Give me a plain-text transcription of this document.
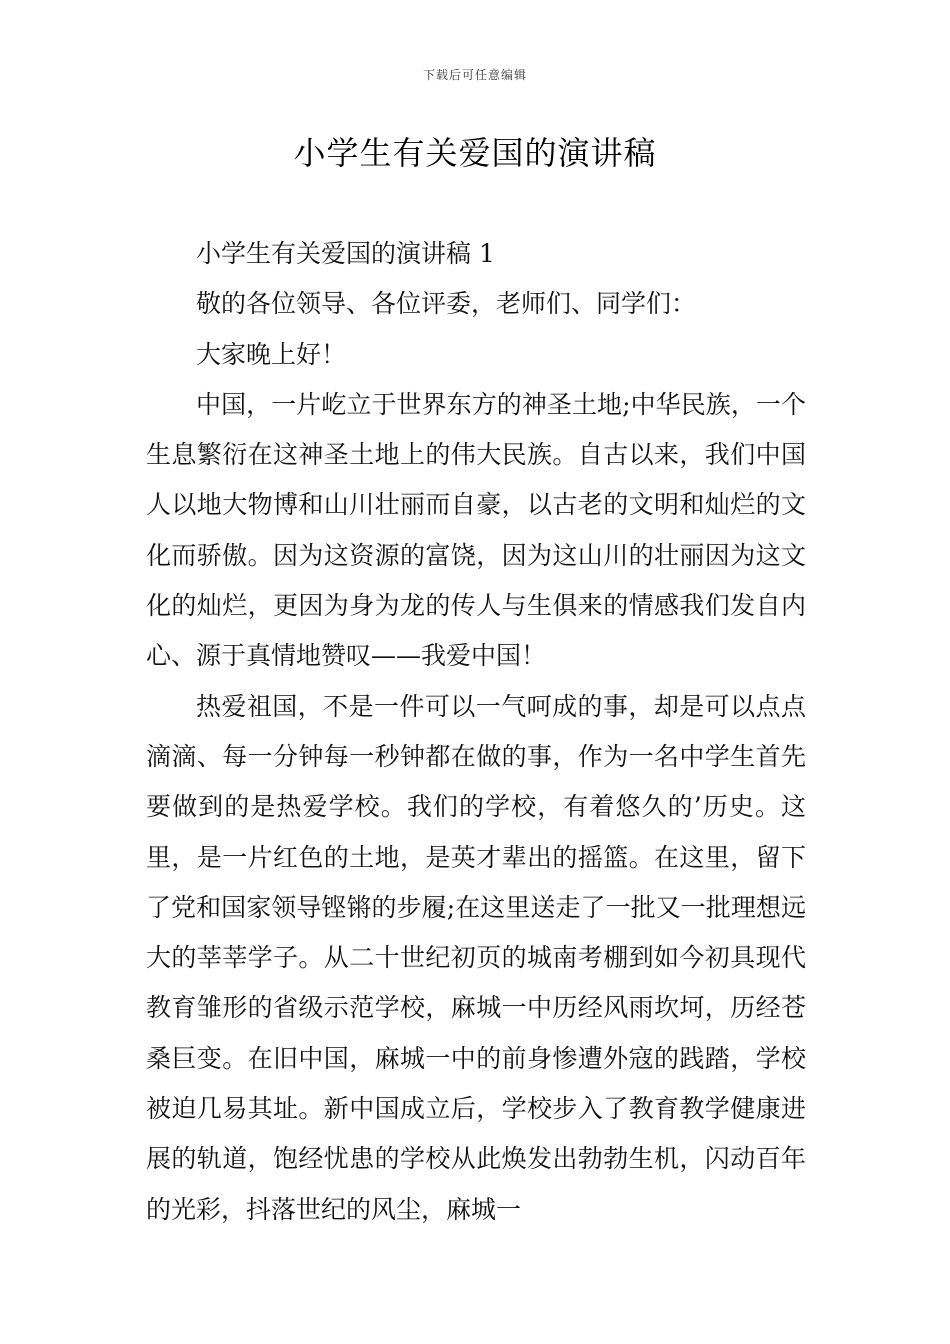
下载后可任意编辑
小学生有关爱国的演讲稿

小学生有关爱国的演讲稿 1

敬的各位领导、各位评委，老师们、同学们：

大家晚上好！

中国，一片屹立于世界东方的神圣土地;中华民族，一个生息繁衍在这神圣土地上的伟大民族。自古以来，我们中国人以地大物博和山川壮丽而自豪，以古老的文明和灿烂的文化而骄傲。因为这资源的富饶，因为这山川的壮丽因为这文化的灿烂，更因为身为龙的传人与生俱来的情感我们发自内心、源于真情地赞叹——我爱中国！

热爱祖国，不是一件可以一气呵成的事，却是可以点点滴滴、每一分钟每一秒钟都在做的事，作为一名中学生首先要做到的是热爱学校。我们的学校，有着悠久的’历史。这里，是一片红色的土地，是英才辈出的摇篮。在这里，留下了党和国家领导铿锵的步履;在这里送走了一批又一批理想远大的莘莘学子。从二十世纪初页的城南考棚到如今初具现代教育雏形的省级示范学校，麻城一中历经风雨坎坷，历经苍桑巨变。在旧中国，麻城一中的前身惨遭外寇的践踏，学校被迫几易其址。新中国成立后，学校步入了教育教学健康进展的轨道，饱经忧患的学校从此焕发出勃勃生机，闪动百年的光彩，抖落世纪的风尘，麻城一
